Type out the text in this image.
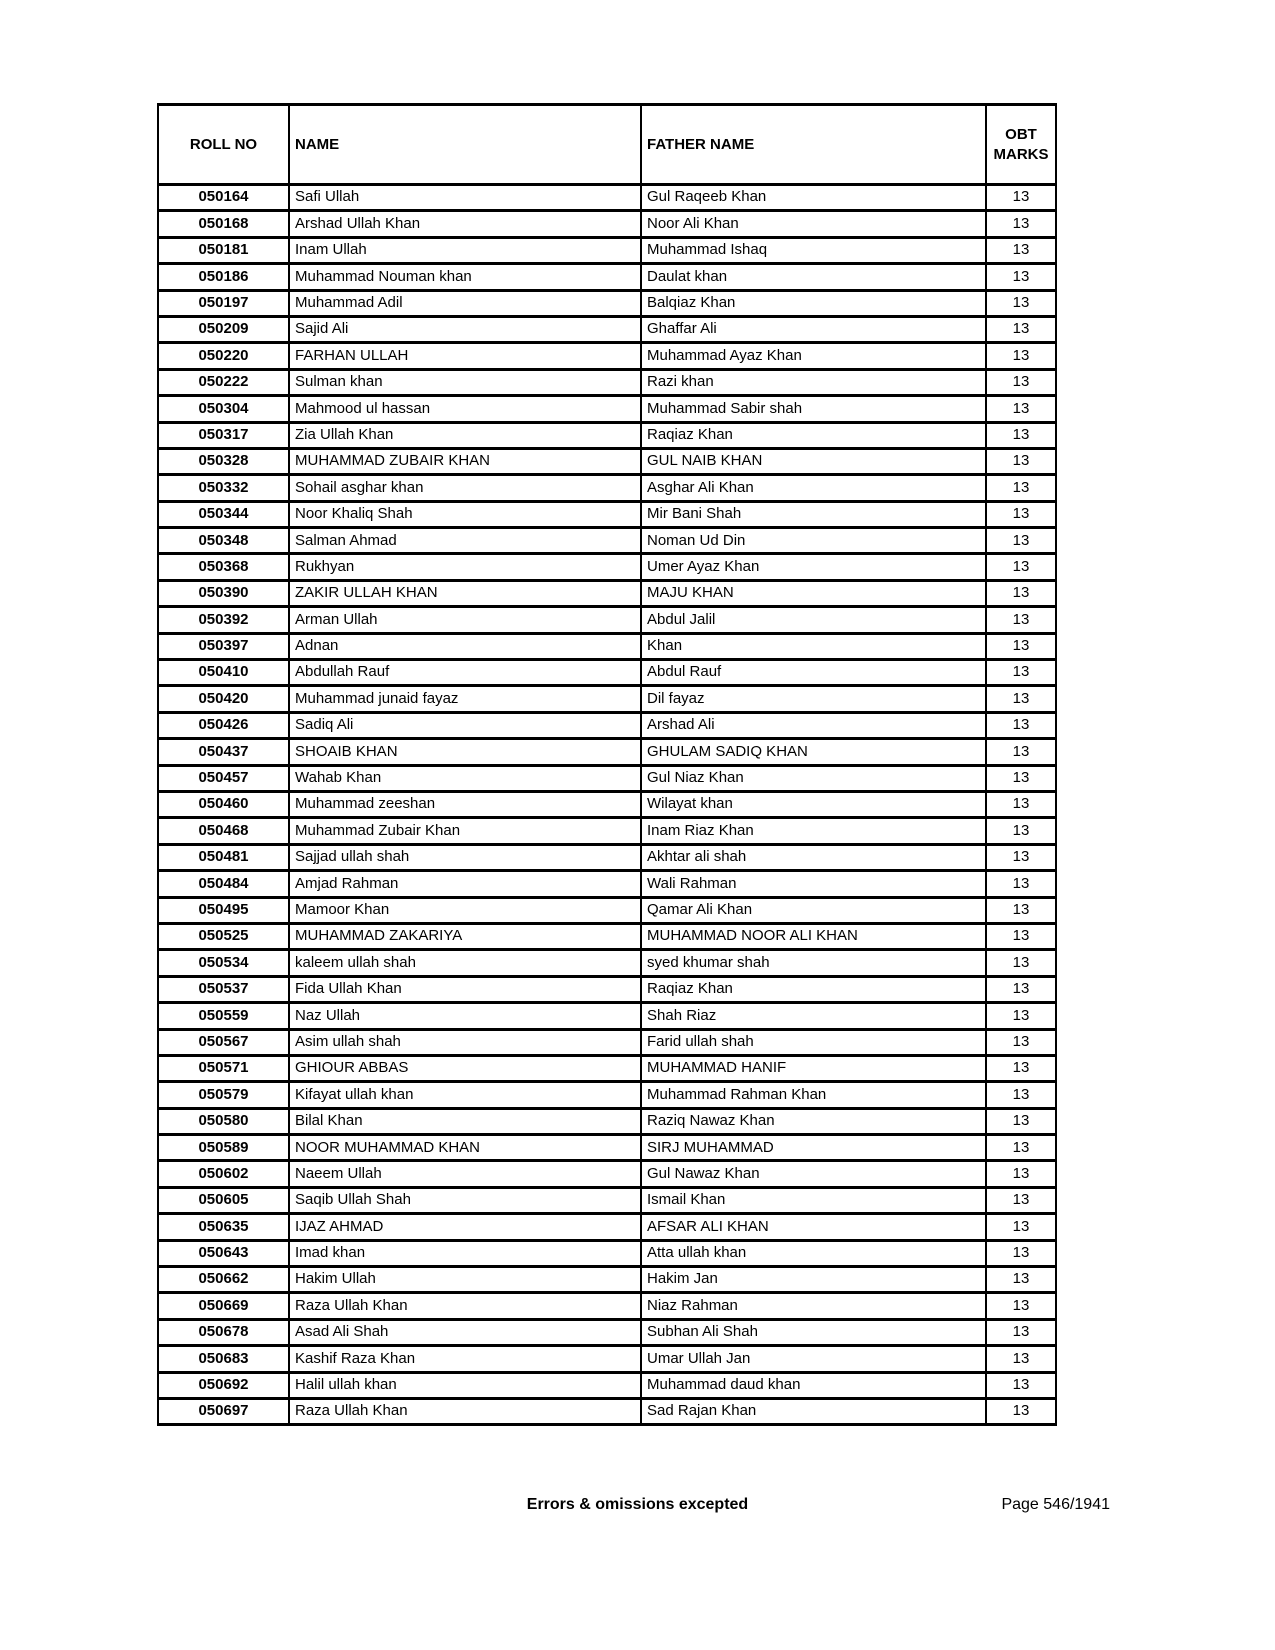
ROLL NO	NAME	FATHER NAME	OBT MARKS
050164	Safi Ullah	Gul Raqeeb Khan	13
050168	Arshad Ullah Khan	Noor Ali Khan	13
050181	Inam Ullah	Muhammad Ishaq	13
050186	Muhammad Nouman khan	Daulat khan	13
050197	Muhammad Adil	Balqiaz Khan	13
050209	Sajid Ali	Ghaffar Ali	13
050220	FARHAN ULLAH	Muhammad Ayaz Khan	13
050222	Sulman khan	Razi khan	13
050304	Mahmood ul hassan	Muhammad Sabir shah	13
050317	Zia Ullah Khan	Raqiaz Khan	13
050328	MUHAMMAD ZUBAIR KHAN	GUL NAIB KHAN	13
050332	Sohail asghar khan	Asghar Ali Khan	13
050344	Noor Khaliq Shah	Mir Bani Shah	13
050348	Salman Ahmad	Noman Ud Din	13
050368	Rukhyan	Umer Ayaz Khan	13
050390	ZAKIR ULLAH KHAN	MAJU KHAN	13
050392	Arman Ullah	Abdul Jalil	13
050397	Adnan	Khan	13
050410	Abdullah Rauf	Abdul Rauf	13
050420	Muhammad junaid fayaz	Dil fayaz	13
050426	Sadiq Ali	Arshad Ali	13
050437	SHOAIB KHAN	GHULAM SADIQ KHAN	13
050457	Wahab Khan	Gul Niaz Khan	13
050460	Muhammad zeeshan	Wilayat khan	13
050468	Muhammad Zubair Khan	Inam Riaz Khan	13
050481	Sajjad ullah shah	Akhtar ali shah	13
050484	Amjad Rahman	Wali Rahman	13
050495	Mamoor Khan	Qamar Ali Khan	13
050525	MUHAMMAD ZAKARIYA	MUHAMMAD NOOR ALI KHAN	13
050534	kaleem ullah shah	syed khumar shah	13
050537	Fida Ullah Khan	Raqiaz Khan	13
050559	Naz Ullah	Shah Riaz	13
050567	Asim ullah shah	Farid ullah shah	13
050571	GHIOUR ABBAS	MUHAMMAD HANIF	13
050579	Kifayat ullah khan	Muhammad Rahman Khan	13
050580	Bilal Khan	Raziq Nawaz Khan	13
050589	NOOR MUHAMMAD KHAN	SIRJ MUHAMMAD	13
050602	Naeem Ullah	Gul Nawaz Khan	13
050605	Saqib Ullah Shah	Ismail Khan	13
050635	IJAZ AHMAD	AFSAR ALI KHAN	13
050643	Imad khan	Atta ullah khan	13
050662	Hakim Ullah	Hakim Jan	13
050669	Raza Ullah Khan	Niaz Rahman	13
050678	Asad Ali Shah	Subhan Ali Shah	13
050683	Kashif Raza Khan	Umar Ullah Jan	13
050692	Halil ullah khan	Muhammad daud khan	13
050697	Raza Ullah Khan	Sad Rajan Khan	13
Errors & omissions excepted	Page 546/1941
